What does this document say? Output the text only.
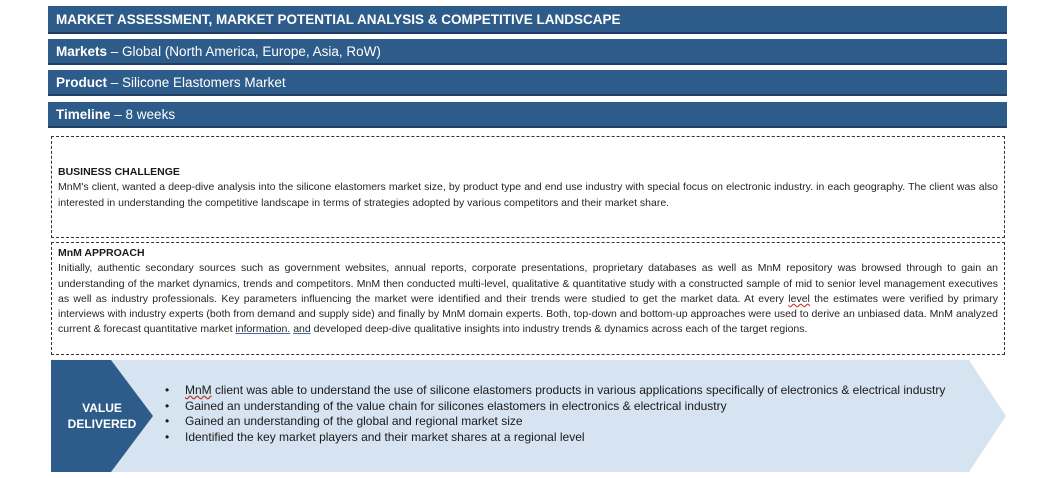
MARKET ASSESSMENT, MARKET POTENTIAL ANALYSIS & COMPETITIVE LANDSCAPE
Markets – Global (North America, Europe, Asia, RoW)
Product – Silicone Elastomers Market
Timeline – 8 weeks
BUSINESS CHALLENGE

MnM's client, wanted a deep-dive analysis into the silicone elastomers market size, by product type and end use industry with special focus on electronic industry. in each geography. The client was also interested in understanding the competitive landscape in terms of strategies adopted by various competitors and their market share.

MnM APPROACH

Initially, authentic secondary sources such as government websites, annual reports, corporate presentations, proprietary databases as well as MnM repository was browsed through to gain an understanding of the market dynamics, trends and competitors. MnM then conducted multi-level, qualitative & quantitative study with a constructed sample of mid to senior level management executives as well as industry professionals. Key parameters influencing the market were identified and their trends were studied to get the market data. At every level the estimates were verified by primary interviews with industry experts (both from demand and supply side) and finally by MnM domain experts. Both, top-down and bottom-up approaches were used to derive an unbiased data. MnM analyzed current & forecast quantitative market information. and developed deep-dive qualitative insights into industry trends & dynamics across each of the target regions.

VALUE
DELIVERED
• MnM client was able to understand the use of silicone elastomers products in various applications specifically of electronics & electrical industry
• Gained an understanding of the value chain for silicones elastomers in electronics & electrical industry
• Gained an understanding of the global and regional market size
• Identified the key market players and their market shares at a regional level
